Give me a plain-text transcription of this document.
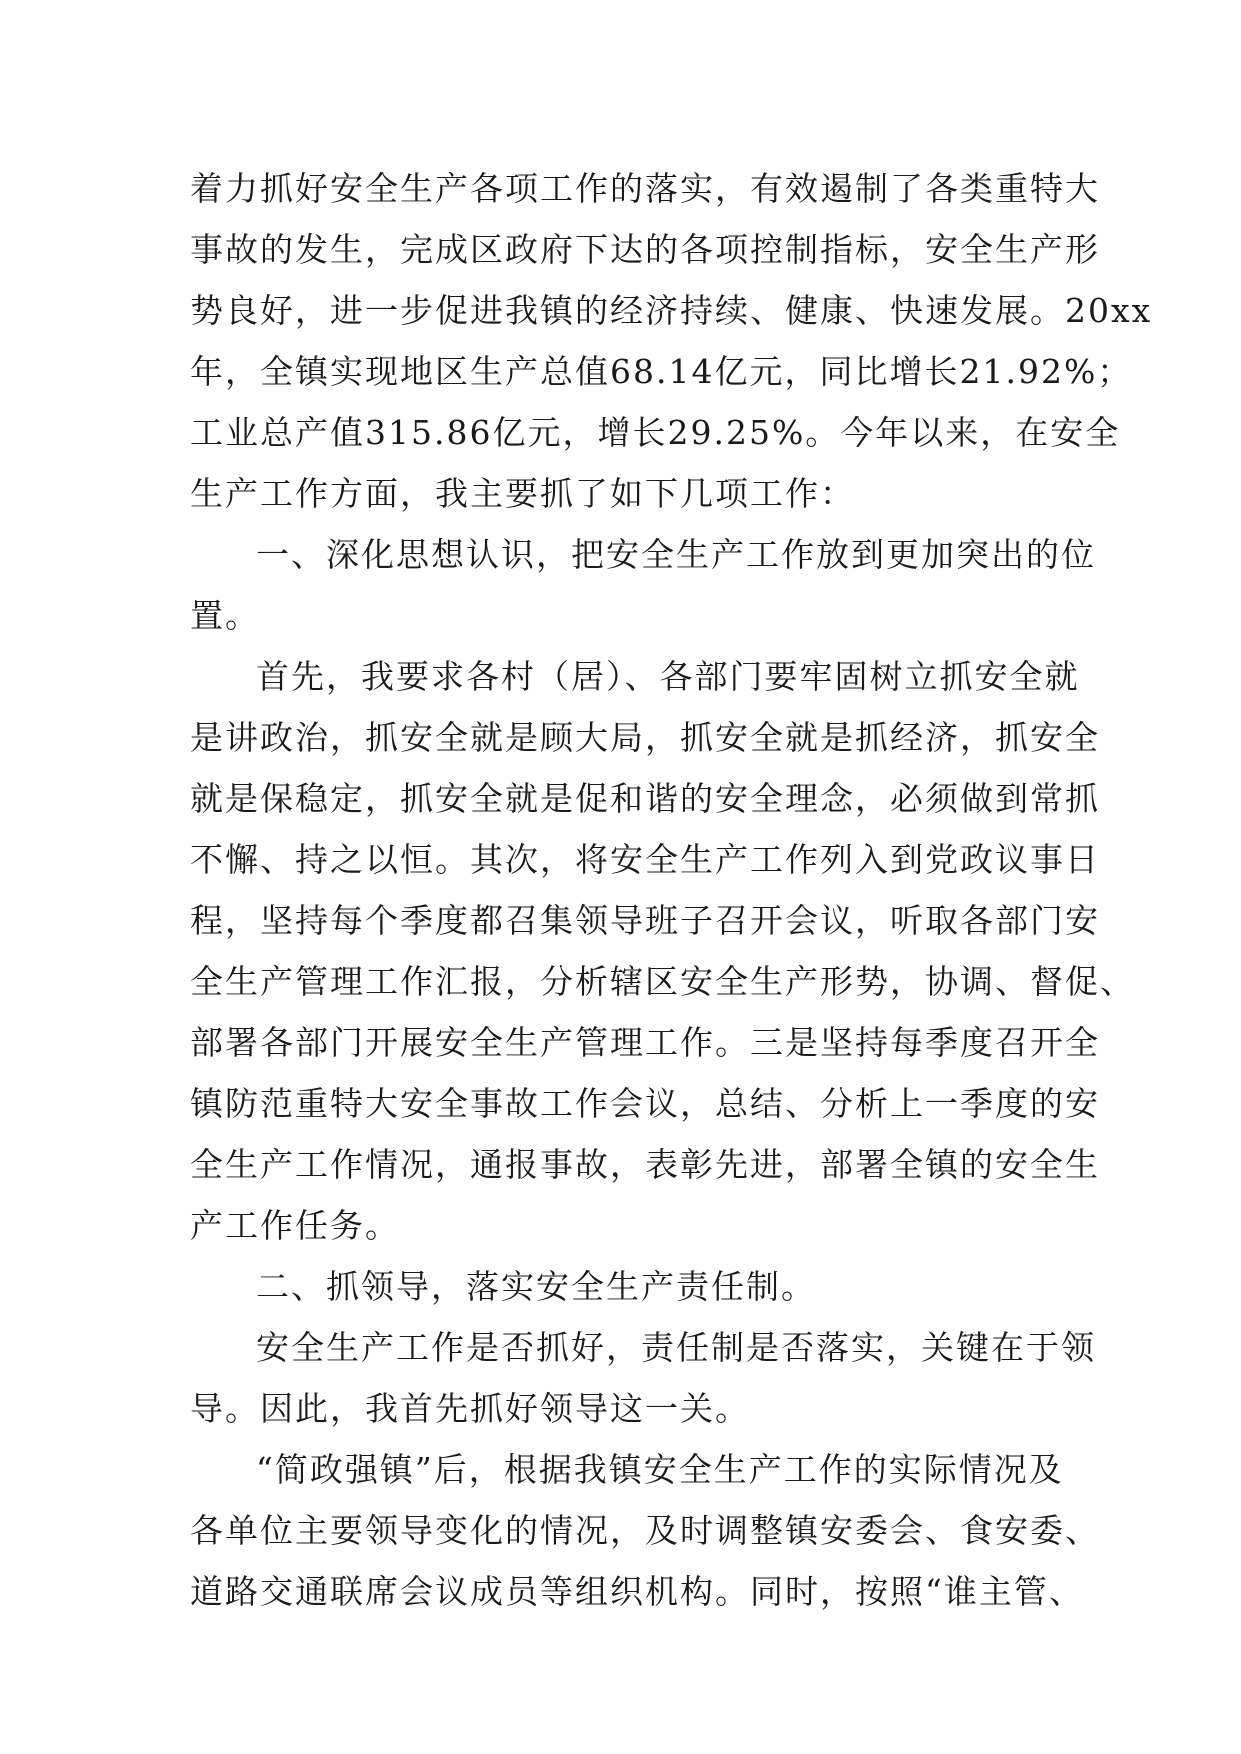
着力抓好安全生产各项工作的落实，有效遏制了各类重特大
事故的发生，完成区政府下达的各项控制指标，安全生产形
势良好，进一步促进我镇的经济持续、健康、快速发展。20xx
年，全镇实现地区生产总值68.14亿元，同比增长21.92%；
工业总产值315.86亿元，增长29.25%。今年以来，在安全
生产工作方面，我主要抓了如下几项工作：
一、深化思想认识，把安全生产工作放到更加突出的位
置。
首先，我要求各村（居）、各部门要牢固树立抓安全就
是讲政治，抓安全就是顾大局，抓安全就是抓经济，抓安全
就是保稳定，抓安全就是促和谐的安全理念，必须做到常抓
不懈、持之以恒。其次，将安全生产工作列入到党政议事日
程，坚持每个季度都召集领导班子召开会议，听取各部门安
全生产管理工作汇报，分析辖区安全生产形势，协调、督促、
部署各部门开展安全生产管理工作。三是坚持每季度召开全
镇防范重特大安全事故工作会议，总结、分析上一季度的安
全生产工作情况，通报事故，表彰先进，部署全镇的安全生
产工作任务。
二、抓领导，落实安全生产责任制。
安全生产工作是否抓好，责任制是否落实，关键在于领
导。因此，我首先抓好领导这一关。
“简政强镇”后，根据我镇安全生产工作的实际情况及
各单位主要领导变化的情况，及时调整镇安委会、食安委、
道路交通联席会议成员等组织机构。同时，按照“谁主管、
